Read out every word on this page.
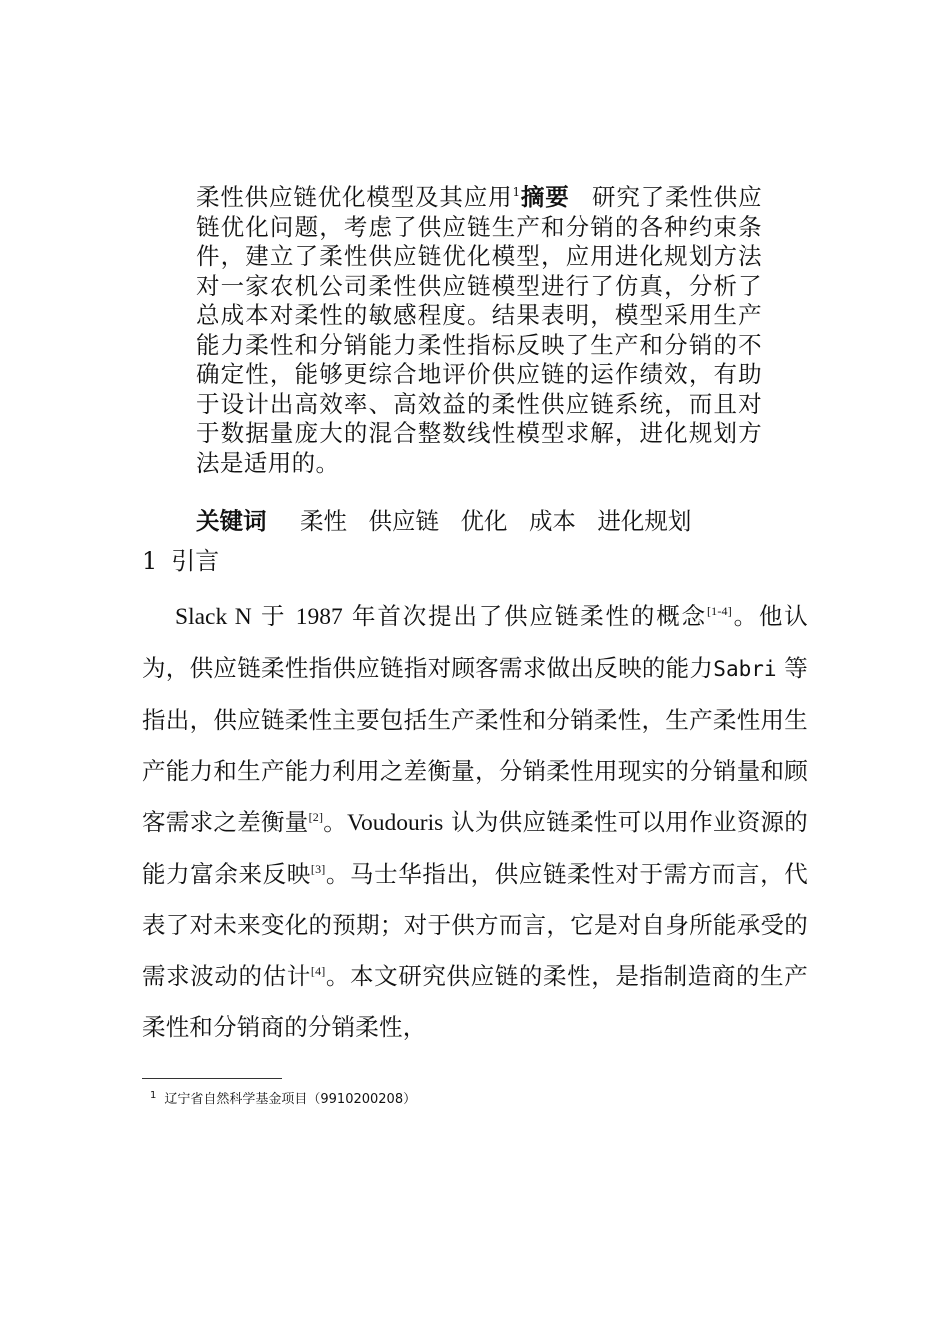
柔性供应链优化模型及其应用$^1$摘要 研究了柔性供应链优化问题，考虑了供应链生产和分销的各种约束条件，建立了柔性供应链优化模型，应用进化规划方法对一家农机公司柔性供应链模型进行了仿真，分析了总成本对柔性的敏感程度。结果表明，模型采用生产能力柔性和分销能力柔性指标反映了生产和分销的不确定性，能够更综合地评价供应链的运作绩效，有助于设计出高效率、高效益的柔性供应链系统，而且对于数据量庞大的混合整数线性模型求解，进化规划方法是适用的。
关键词 柔性 供应链 优化 成本 进化规划
1 引言

Slack N 于 1987 年首次提出了供应链柔性的概念[1-4]。他认为，供应链柔性指供应链指对顾客需求做出反映的能力Sabri 等指出，供应链柔性主要包括生产柔性和分销柔性，生产柔性用生产能力和生产能力利用之差衡量，分销柔性用现实的分销量和顾客需求之差衡量[2]。Voudouris 认为供应链柔性可以用作业资源的能力富余来反映[3]。马士华指出，供应链柔性对于需方而言，代表了对未来变化的预期；对于供方而言，它是对自身所能承受的需求波动的估计[4]。本文研究供应链的柔性，是指制造商的生产柔性和分销商的分销柔性，

$^1$ 辽宁省自然科学基金项目（9910200208）
